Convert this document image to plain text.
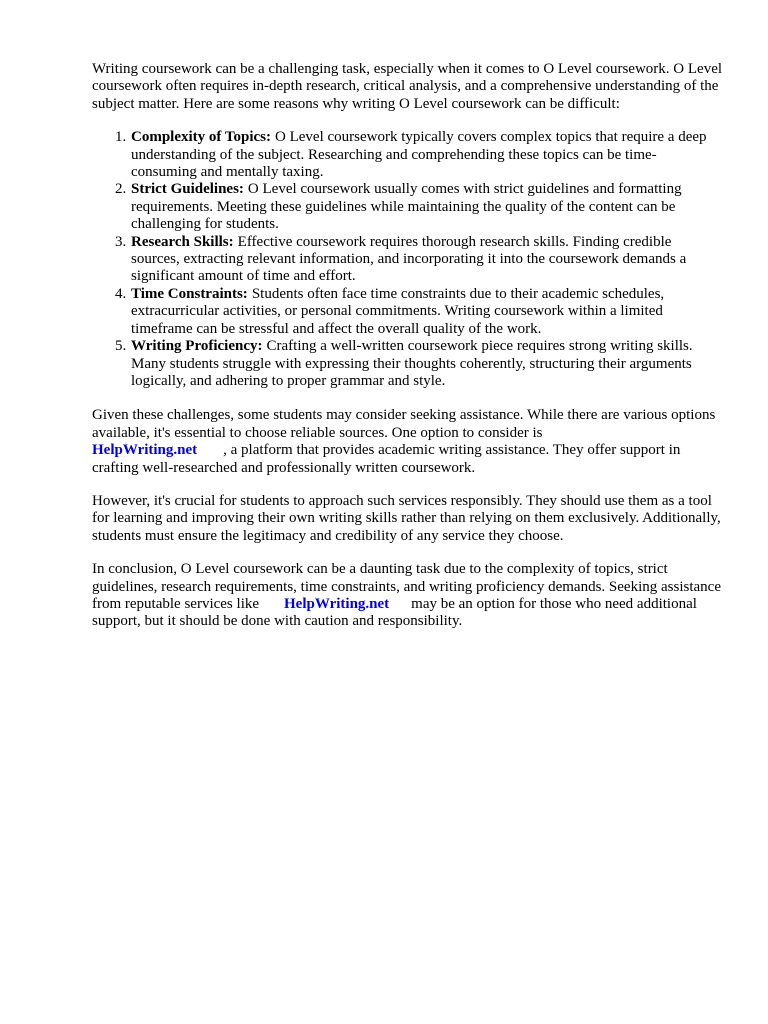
Writing coursework can be a challenging task, especially when it comes to O Level coursework. O Level coursework often requires in-depth research, critical analysis, and a comprehensive understanding of the subject matter. Here are some reasons why writing O Level coursework can be difficult:

1. Complexity of Topics: O Level coursework typically covers complex topics that require a deep understanding of the subject. Researching and comprehending these topics can be time-consuming and mentally taxing.
2. Strict Guidelines: O Level coursework usually comes with strict guidelines and formatting requirements. Meeting these guidelines while maintaining the quality of the content can be challenging for students.
3. Research Skills: Effective coursework requires thorough research skills. Finding credible sources, extracting relevant information, and incorporating it into the coursework demands a significant amount of time and effort.
4. Time Constraints: Students often face time constraints due to their academic schedules, extracurricular activities, or personal commitments. Writing coursework within a limited timeframe can be stressful and affect the overall quality of the work.
5. Writing Proficiency: Crafting a well-written coursework piece requires strong writing skills. Many students struggle with expressing their thoughts coherently, structuring their arguments logically, and adhering to proper grammar and style.

Given these challenges, some students may consider seeking assistance. While there are various options available, it's essential to choose reliable sources. One option to consider is
HelpWriting.net , a platform that provides academic writing assistance. They offer support in crafting well-researched and professionally written coursework.

However, it's crucial for students to approach such services responsibly. They should use them as a tool for learning and improving their own writing skills rather than relying on them exclusively. Additionally, students must ensure the legitimacy and credibility of any service they choose.

In conclusion, O Level coursework can be a daunting task due to the complexity of topics, strict guidelines, research requirements, time constraints, and writing proficiency demands. Seeking assistance from reputable services like HelpWriting.net may be an option for those who need additional support, but it should be done with caution and responsibility.
